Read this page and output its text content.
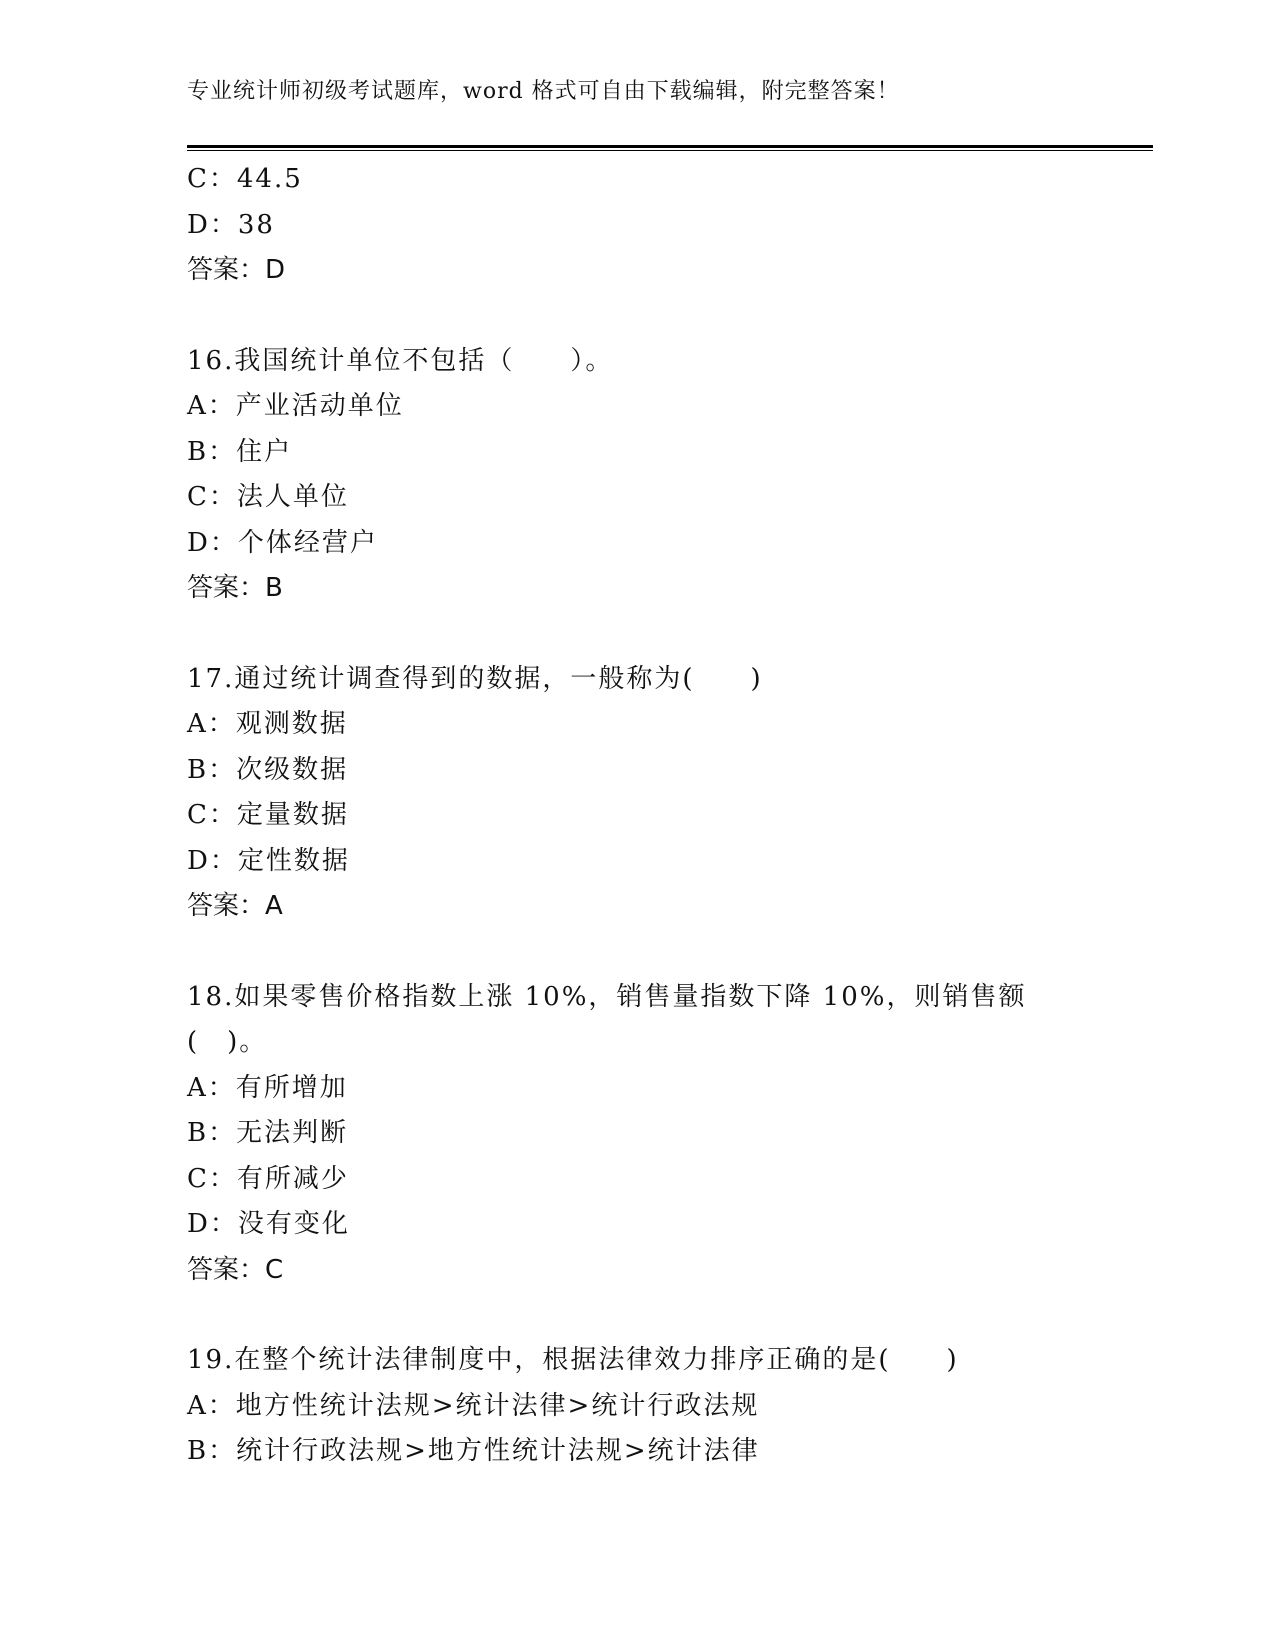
专业统计师初级考试题库，word 格式可自由下载编辑，附完整答案！
C：44.5
D：38
答案：D
16.我国统计单位不包括（　　）。
A：产业活动单位
B：住户
C：法人单位
D：个体经营户
答案：B
17.通过统计调查得到的数据，一般称为(　　)
A：观测数据
B：次级数据
C：定量数据
D：定性数据
答案：A
18.如果零售价格指数上涨 10%，销售量指数下降 10%，则销售额(　)。
A：有所增加
B：无法判断
C：有所减少
D：没有变化
答案：C
19.在整个统计法律制度中，根据法律效力排序正确的是(　　)
A：地方性统计法规>统计法律>统计行政法规
B：统计行政法规>地方性统计法规>统计法律
